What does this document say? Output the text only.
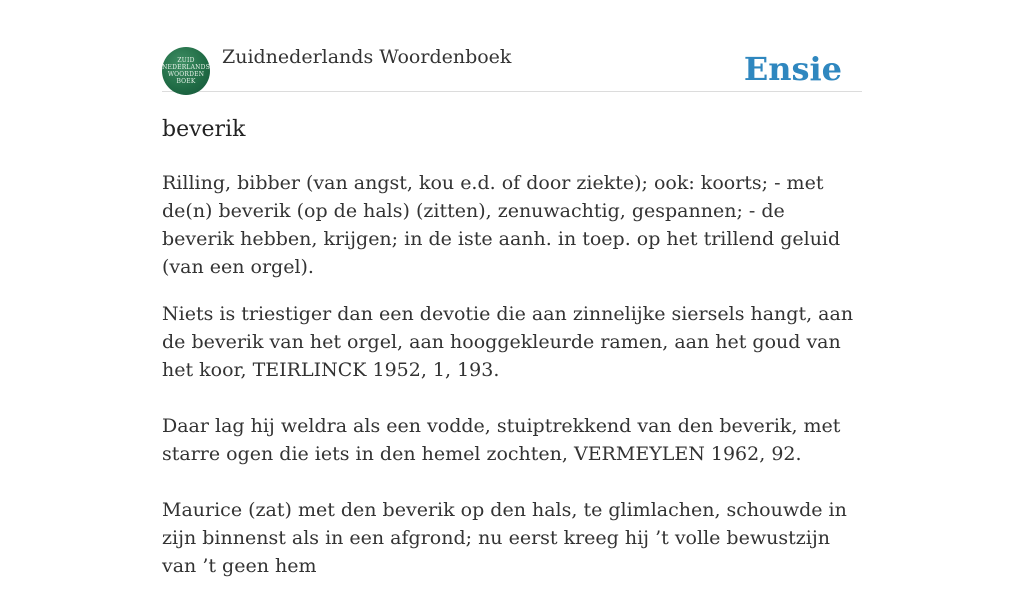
ZUID
NEDERLANDS
WOORDEN
BOEK
Zuidnederlands Woordenboek	Ensie
beverik

Rilling, bibber (van angst, kou e.d. of door ziekte); ook: koorts; - met de(n) beverik (op de hals) (zitten), zenuwachtig, gespannen; - de beverik hebben, krijgen; in de iste aanh. in toep. op het trillend geluid (van een orgel).

Niets is triestiger dan een devotie die aan zinnelijke siersels hangt, aan de beverik van het orgel, aan hooggekleurde ramen, aan het goud van het koor, TEIRLINCK 1952, 1, 193.

Daar lag hij weldra als een vodde, stuiptrekkend van den beverik, met starre ogen die iets in den hemel zochten, VERMEYLEN 1962, 92.

Maurice (zat) met den beverik op den hals, te glimlachen, schouwde in zijn binnenst als in een afgrond; nu eerst kreeg hij ’t volle bewustzijn van ’t geen hem
